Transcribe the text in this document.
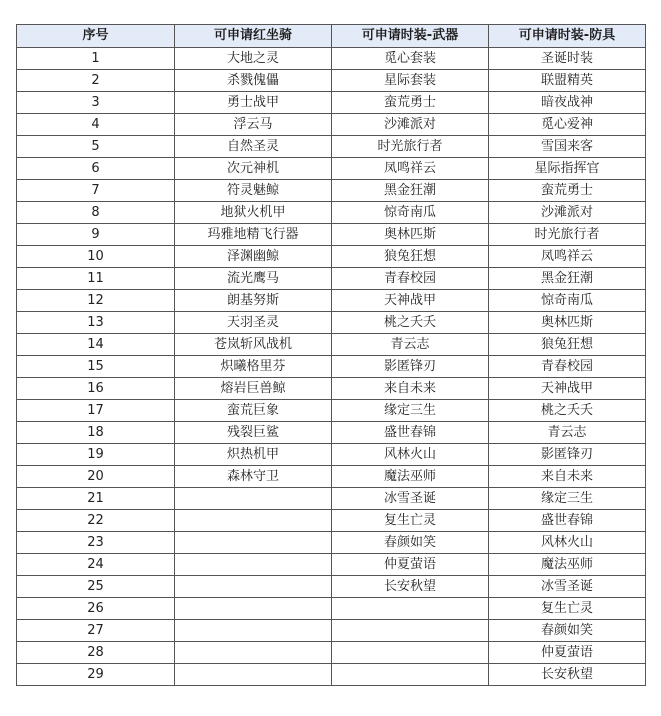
序号	可申请红坐骑	可申请时装-武器	可申请时装-防具
1	大地之灵	觅心套装	圣诞时装
2	杀戮傀儡	星际套装	联盟精英
3	勇士战甲	蛮荒勇士	暗夜战神
4	浮云马	沙滩派对	觅心爱神
5	自然圣灵	时光旅行者	雪国来客
6	次元神机	凤鸣祥云	星际指挥官
7	符灵魅鲸	黑金狂潮	蛮荒勇士
8	地狱火机甲	惊奇南瓜	沙滩派对
9	玛雅地精飞行器	奥林匹斯	时光旅行者
10	泽渊幽鲸	狼兔狂想	凤鸣祥云
11	流光鹰马	青春校园	黑金狂潮
12	朗基努斯	天神战甲	惊奇南瓜
13	天羽圣灵	桃之夭夭	奥林匹斯
14	苍岚斩风战机	青云志	狼兔狂想
15	炽曦格里芬	影匿锋刃	青春校园
16	熔岩巨兽鲸	来自未来	天神战甲
17	蛮荒巨象	缘定三生	桃之夭夭
18	残裂巨鲨	盛世春锦	青云志
19	炽热机甲	风林火山	影匿锋刃
20	森林守卫	魔法巫师	来自未来
21		冰雪圣诞	缘定三生
22		复生亡灵	盛世春锦
23		春颜如笑	风林火山
24		仲夏萤语	魔法巫师
25		长安秋望	冰雪圣诞
26			复生亡灵
27			春颜如笑
28			仲夏萤语
29			长安秋望
